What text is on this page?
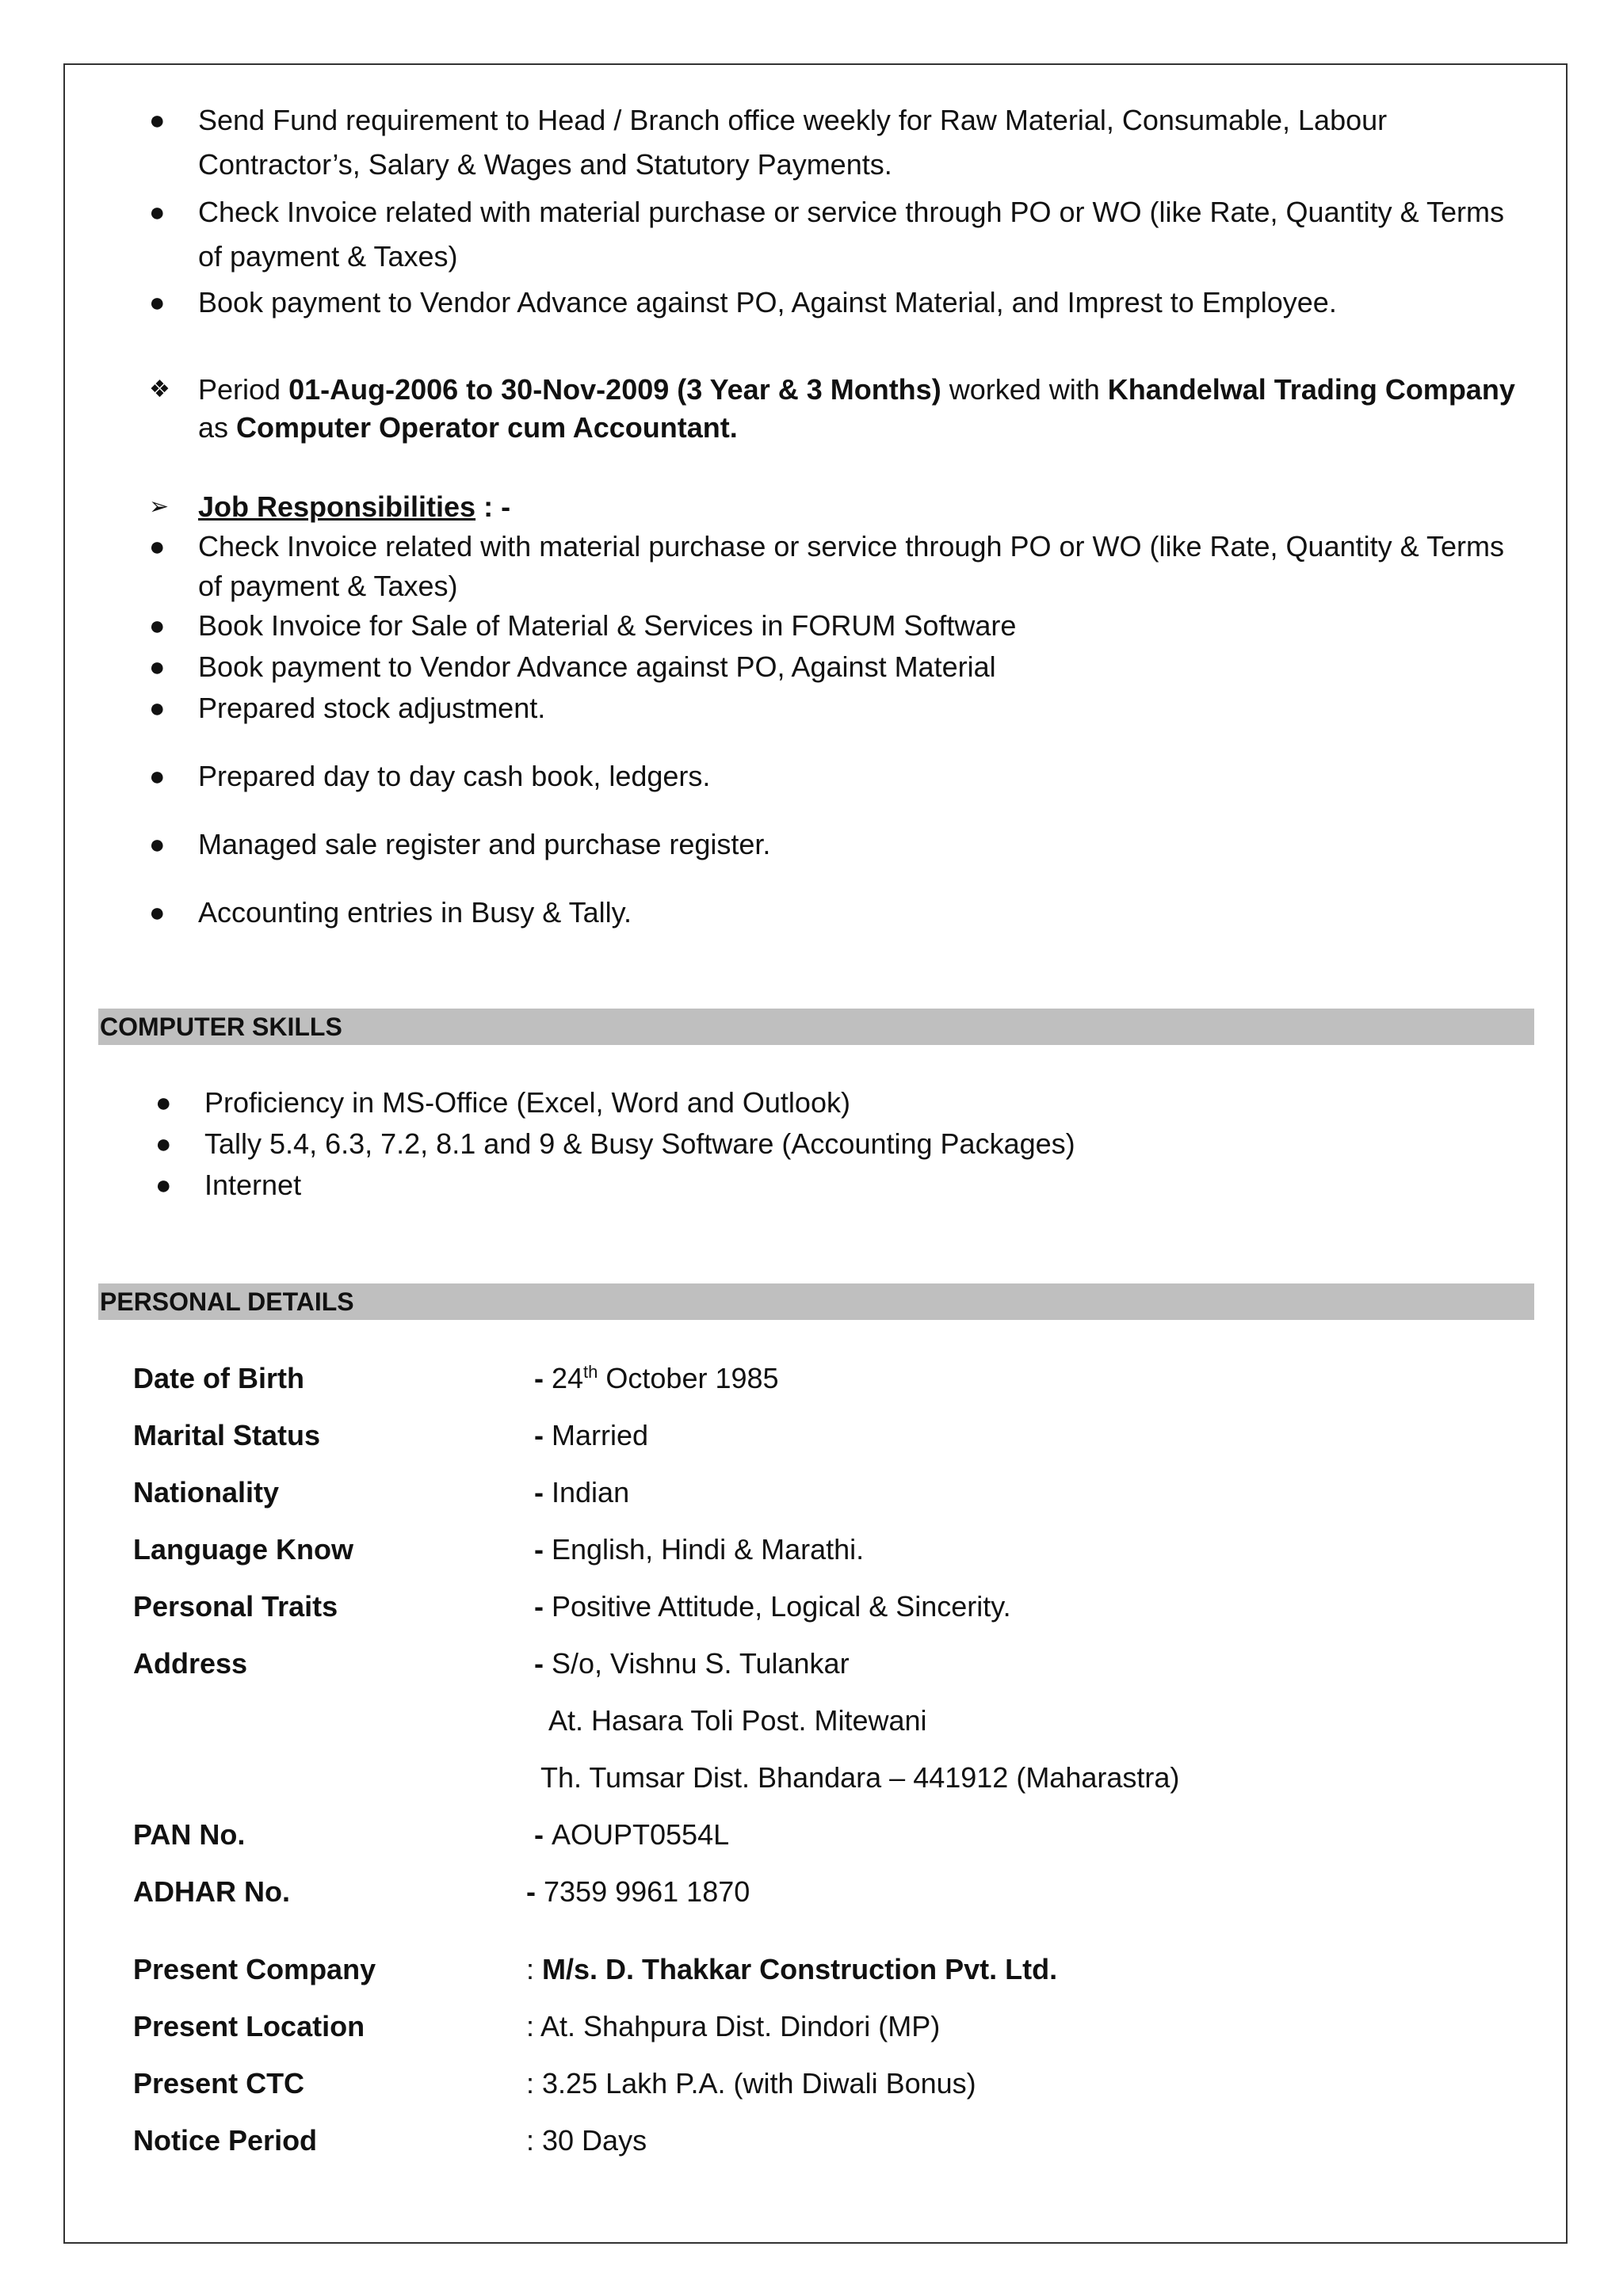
● Send Fund requirement to Head / Branch office weekly for Raw Material, Consumable, Labour
Contractor’s, Salary & Wages and Statutory Payments.
● Check Invoice related with material purchase or service through PO or WO (like Rate, Quantity & Terms
of payment & Taxes)
● Book payment to Vendor Advance against PO, Against Material, and Imprest to Employee.
❖ Period 01-Aug-2006 to 30-Nov-2009 (3 Year & 3 Months) worked with Khandelwal Trading Company
as Computer Operator cum Accountant.
➢ Job Responsibilities : -
● Check Invoice related with material purchase or service through PO or WO (like Rate, Quantity & Terms
of payment & Taxes)
● Book Invoice for Sale of Material & Services in FORUM Software
● Book payment to Vendor Advance against PO, Against Material
● Prepared stock adjustment.
● Prepared day to day cash book, ledgers.
● Managed sale register and purchase register.
● Accounting entries in Busy & Tally.
COMPUTER SKILLS
● Proficiency in MS-Office (Excel, Word and Outlook)
● Tally 5.4, 6.3, 7.2, 8.1 and 9 & Busy Software (Accounting Packages)
● Internet
PERSONAL DETAILS
Date of Birth	- 24th October 1985
Marital Status	- Married
Nationality	- Indian
Language Know	- English, Hindi & Marathi.
Personal Traits	- Positive Attitude, Logical & Sincerity.
Address	- S/o, Vishnu S. Tulankar
At. Hasara Toli Post. Mitewani
Th. Tumsar Dist. Bhandara – 441912 (Maharastra)
PAN No.	- AOUPT0554L
ADHAR No.	- 7359 9961 1870
Present Company	: M/s. D. Thakkar Construction Pvt. Ltd.
Present Location	: At. Shahpura Dist. Dindori (MP)
Present CTC	: 3.25 Lakh P.A. (with Diwali Bonus)
Notice Period	: 30 Days
